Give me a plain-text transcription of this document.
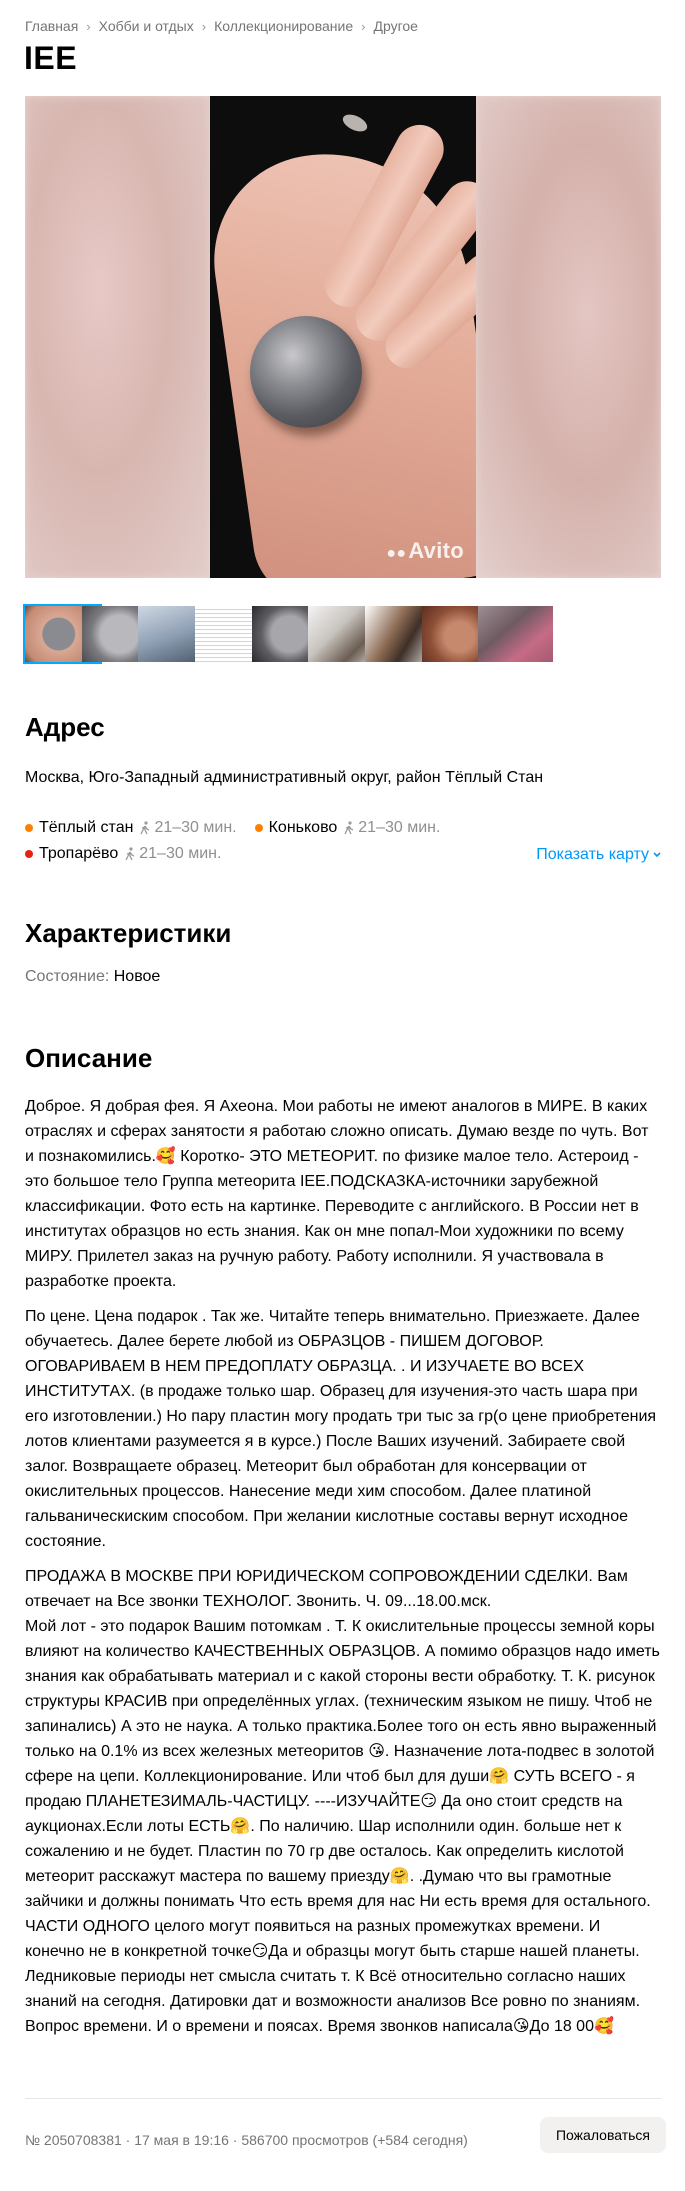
Главная › Хобби и отдых › Коллекционирование › Другое
IEE
●●Avito
Адрес
Москва, Юго-Западный административный округ, район Тёплый Стан
Тёплый стан 21–30 мин. Коньково 21–30 мин.
Тропарёво 21–30 мин.	Показать карту
Характеристики
Состояние: Новое
Описание

Доброе. Я добрая фея. Я Ахеона. Мои работы не имеют аналогов в МИРЕ. В каких отраслях и сферах занятости я работаю сложно описать. Думаю везде по чуть. Вот и познакомились.🥰 Коротко- ЭТО МЕТЕОРИТ. по физике малое тело. Астероид - это большое тело Группа метеорита IEE.ПОДСКАЗКА-источники зарубежной классификации. Фото есть на картинке. Переводите с английского. В России нет в институтах образцов но есть знания. Как он мне попал-Мои художники по всему МИРУ. Прилетел заказ на ручную работу. Работу исполнили. Я участвовала в разработке проекта.

По цене. Цена подарок . Так же. Читайте теперь внимательно. Приезжаете. Далее обучаетесь. Далее берете любой из ОБРАЗЦОВ - ПИШЕМ ДОГОВОР. ОГОВАРИВАЕМ В НЕМ ПРЕДОПЛАТУ ОБРАЗЦА. . И ИЗУЧАЕТЕ ВО ВСЕХ ИНСТИТУТАХ. (в продаже только шар. Образец для изучения-это часть шара при его изготовлении.) Но пару пластин могу продать три тыс за гр(о цене приобретения лотов клиентами разумеется я в курсе.) После Ваших изучений. Забираете свой залог. Возвращаете образец. Метеорит был обработан для консервации от окислительных процессов. Нанесение меди хим способом. Далее платиной гальваническиским способом. При желании кислотные составы вернут исходное состояние.

ПРОДАЖА В МОСКВЕ ПРИ ЮРИДИЧЕСКОМ СОПРОВОЖДЕНИИ СДЕЛКИ. Вам отвечает на Все звонки ТЕХНОЛОГ. Звонить. Ч. 09...18.00.мск.

Мой лот - это подарок Вашим потомкам . Т. К окислительные процессы земной коры влияют на количество КАЧЕСТВЕННЫХ ОБРАЗЦОВ. А помимо образцов надо иметь знания как обрабатывать материал и с какой стороны вести обработку. Т. К. рисунок структуры КРАСИВ при определённых углах. (техническим языком не пишу. Чтоб не запинались) А это не наука. А только практика.Более того он есть явно выраженный только на 0.1% из всех железных метеоритов 😘. Назначение лота-подвес в золотой сфере на цепи. Коллекционирование. Или чтоб был для души🤗 СУТЬ ВСЕГО - я продаю ПЛАНЕТЕЗИМАЛЬ-ЧАСТИЦУ. ----ИЗУЧАЙТЕ😏 Да оно стоит средств на аукционах.Если лоты ЕСТЬ🤗. По наличию. Шар исполнили один. больше нет к сожалению и не будет. Пластин по 70 гр две осталось. Как определить кислотой метеорит расскажут мастера по вашему приезду🤗. .Думаю что вы грамотные зайчики и должны понимать Что есть время для нас Ни есть время для остального. ЧАСТИ ОДНОГО целого могут появиться на разных промежутках времени. И конечно не в конкретной точке😏Да и образцы могут быть старше нашей планеты. Ледниковые периоды нет смысла считать т. К Всё относительно согласно наших знаний на сегодня. Датировки дат и возможности анализов Все ровно по знаниям. Вопрос времени. И о времени и поясах. Время звонков написала😘До 18 00🥰

№ 2050708381 · 17 мая в 19:16 · 586700 просмотров (+584 сегодня)	Пожаловаться
